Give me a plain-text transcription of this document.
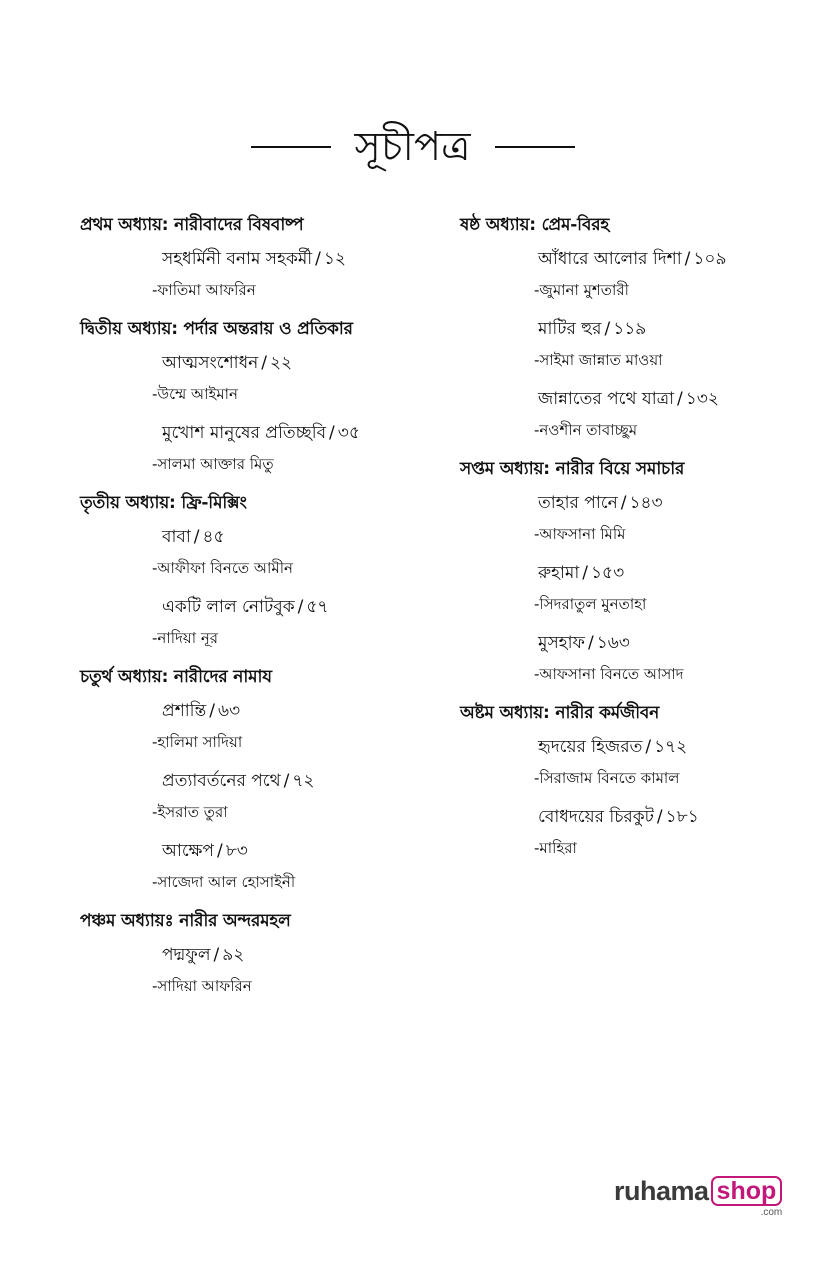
সূচীপত্র
প্রথম অধ্যায়: নারীবাদের বিষবাষ্প
সহধর্মিনী বনাম সহকর্মী / ১২
-ফাতিমা আফরিন
দ্বিতীয় অধ্যায়: পর্দার অন্তরায় ও প্রতিকার
আত্মসংশোধন / ২২
-উম্মে আইমান
মুখোশ মানুষের প্রতিচ্ছবি / ৩৫
-সালমা আক্তার মিতু
তৃতীয় অধ্যায়: ফ্রি-মিক্সিং
বাবা / ৪৫
-আফীফা বিনতে আমীন
একটি লাল নোটবুক / ৫৭
-নাদিয়া নূর
চতুর্থ অধ্যায়: নারীদের নামায
প্রশান্তি / ৬৩
-হালিমা সাদিয়া
প্রত্যাবর্তনের পথে / ৭২
-ইসরাত তুরা
আক্ষেপ / ৮৩
-সাজেদা আল হোসাইনী
পঞ্চম অধ্যায়ঃ নারীর অন্দরমহল
পদ্মফুল / ৯২
-সাদিয়া আফরিন
ষষ্ঠ অধ্যায়: প্রেম-বিরহ
আঁধারে আলোর দিশা / ১০৯
-জুমানা মুশতারী
মাটির হুর / ১১৯
-সাইমা জান্নাত মাওয়া
জান্নাতের পথে যাত্রা / ১৩২
-নওশীন তাবাচ্ছুম
সপ্তম অধ্যায়: নারীর বিয়ে সমাচার
তাহার পানে / ১৪৩
-আফসানা মিমি
রুহামা / ১৫৩
-সিদরাতুল মুনতাহা
মুসহাফ / ১৬৩
-আফসানা বিনতে আসাদ
অষ্টম অধ্যায়: নারীর কর্মজীবন
হৃদয়ের হিজরত / ১৭২
-সিরাজাম বিনতে কামাল
বোধদয়ের চিরকুট / ১৮১
-মাহিরা
ruhama shop
.com
